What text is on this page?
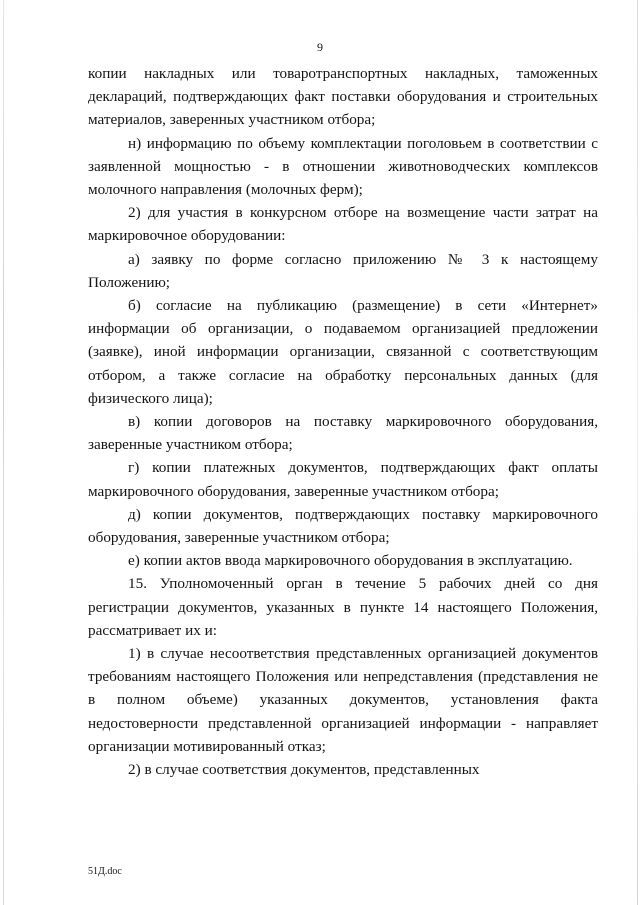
9

копии накладных или товаротранспортных накладных, таможенных деклараций, подтверждающих факт поставки оборудования и строительных материалов, заверенных участником отбора;

н) информацию по объему комплектации поголовьем в соответствии с заявленной мощностью - в отношении животноводческих комплексов молочного направления (молочных ферм);

2) для участия в конкурсном отборе на возмещение части затрат на маркировочное оборудовании:

а) заявку по форме согласно приложению № 3 к настоящему Положению;

б) согласие на публикацию (размещение) в сети «Интернет» информации об организации, о подаваемом организацией предложении (заявке), иной информации организации, связанной с соответствующим отбором, а также согласие на обработку персональных данных (для физического лица);

в) копии договоров на поставку маркировочного оборудования, заверенные участником отбора;

г) копии платежных документов, подтверждающих факт оплаты маркировочного оборудования, заверенные участником отбора;

д) копии документов, подтверждающих поставку маркировочного оборудования, заверенные участником отбора;

е) копии актов ввода маркировочного оборудования в эксплуатацию.

15. Уполномоченный орган в течение 5 рабочих дней со дня регистрации документов, указанных в пункте 14 настоящего Положения, рассматривает их и:

1) в случае несоответствия представленных организацией документов требованиям настоящего Положения или непредставления (представления не в полном объеме) указанных документов, установления факта недостоверности представленной организацией информации - направляет организации мотивированный отказ;

2) в случае соответствия документов, представленных

51Д.doc
